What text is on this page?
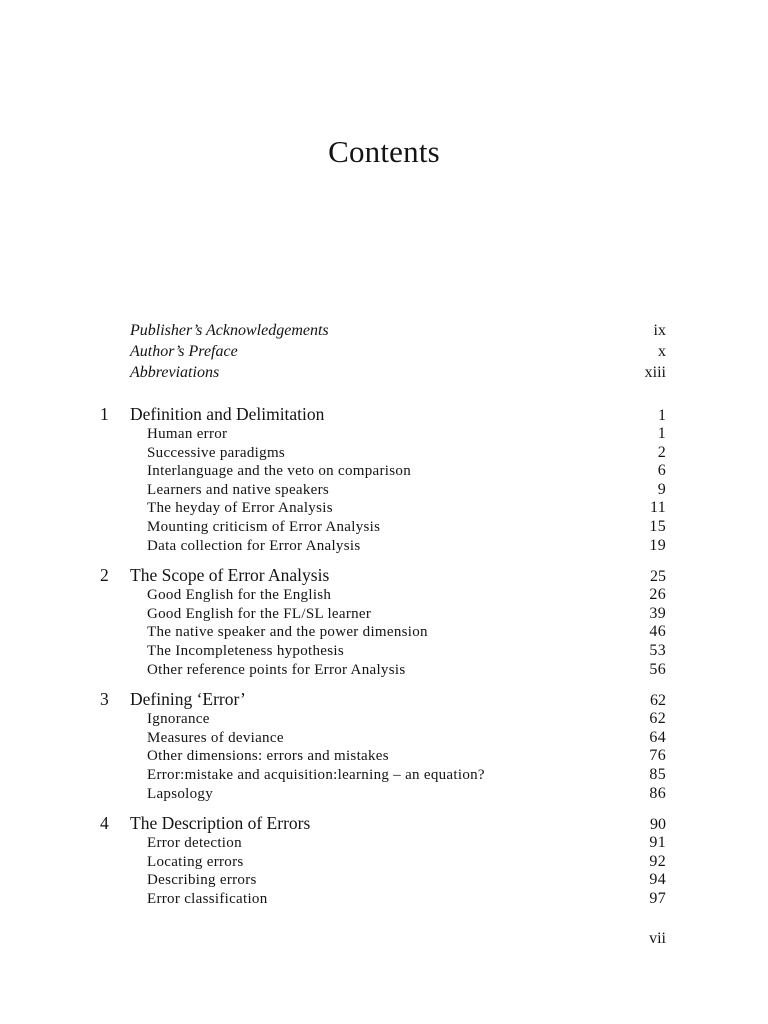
Contents
Publisher’s Acknowledgements	ix
Author’s Preface	x
Abbreviations	xiii
1	Definition and Delimitation	1
Human error	1
Successive paradigms	2
Interlanguage and the veto on comparison	6
Learners and native speakers	9
The heyday of Error Analysis	11
Mounting criticism of Error Analysis	15
Data collection for Error Analysis	19
2	The Scope of Error Analysis	25
Good English for the English	26
Good English for the FL/SL learner	39
The native speaker and the power dimension	46
The Incompleteness hypothesis	53
Other reference points for Error Analysis	56
3	Defining ‘Error’	62
Ignorance	62
Measures of deviance	64
Other dimensions: errors and mistakes	76
Error:mistake and acquisition:learning – an equation?	85
Lapsology	86
4	The Description of Errors	90
Error detection	91
Locating errors	92
Describing errors	94
Error classification	97
vii
